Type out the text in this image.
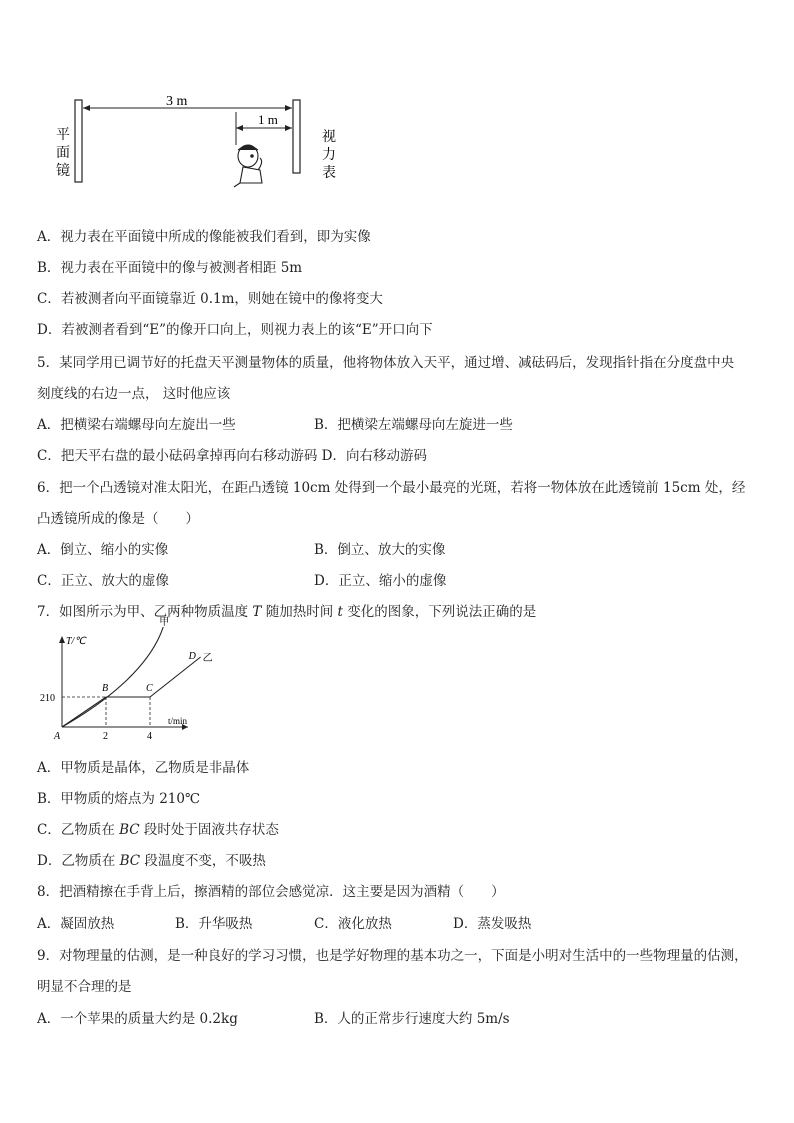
3 m
1 m
平
面
镜
视
力
表
A．视力表在平面镜中所成的像能被我们看到，即为实像
B．视力表在平面镜中的像与被测者相距 5m
C．若被测者向平面镜靠近 0.1m，则她在镜中的像将变大
D．若被测者看到“E”的像开口向上，则视力表上的该“E”开口向下
5．某同学用已调节好的托盘天平测量物体的质量，他将物体放入天平，通过增、减砝码后，发现指针指在分度盘中央
刻度线的右边一点， 这时他应该
A．把横梁右端螺母向左旋出一些	B．把横梁左端螺母向左旋进一些
C．把天平右盘的最小砝码拿掉再向右移动游码 D．向右移动游码
6．把一个凸透镜对准太阳光，在距凸透镜 10cm 处得到一个最小最亮的光斑，若将一物体放在此透镜前 15cm 处，经
凸透镜所成的像是（　　）
A．倒立、缩小的实像	B．倒立、放大的实像
C．正立、放大的虚像	D．正立、缩小的虚像
7．如图所示为甲、乙两种物质温度 T 随加热时间 t 变化的图象，下列说法正确的是
T/℃
t/min
210
2	4
甲
乙
A
B	C
D
A．甲物质是晶体，乙物质是非晶体
B．甲物质的熔点为 210℃
C．乙物质在 BC 段时处于固液共存状态
D．乙物质在 BC 段温度不变，不吸热
8．把酒精擦在手背上后，擦酒精的部位会感觉凉．这主要是因为酒精（　　）
A．凝固放热	B．升华吸热	C．液化放热	D．蒸发吸热
9．对物理量的估测，是一种良好的学习习惯，也是学好物理的基本功之一，下面是小明对生活中的一些物理量的估测，
明显不合理的是
A．一个苹果的质量大约是 0.2kg	B．人的正常步行速度大约 5m/s
